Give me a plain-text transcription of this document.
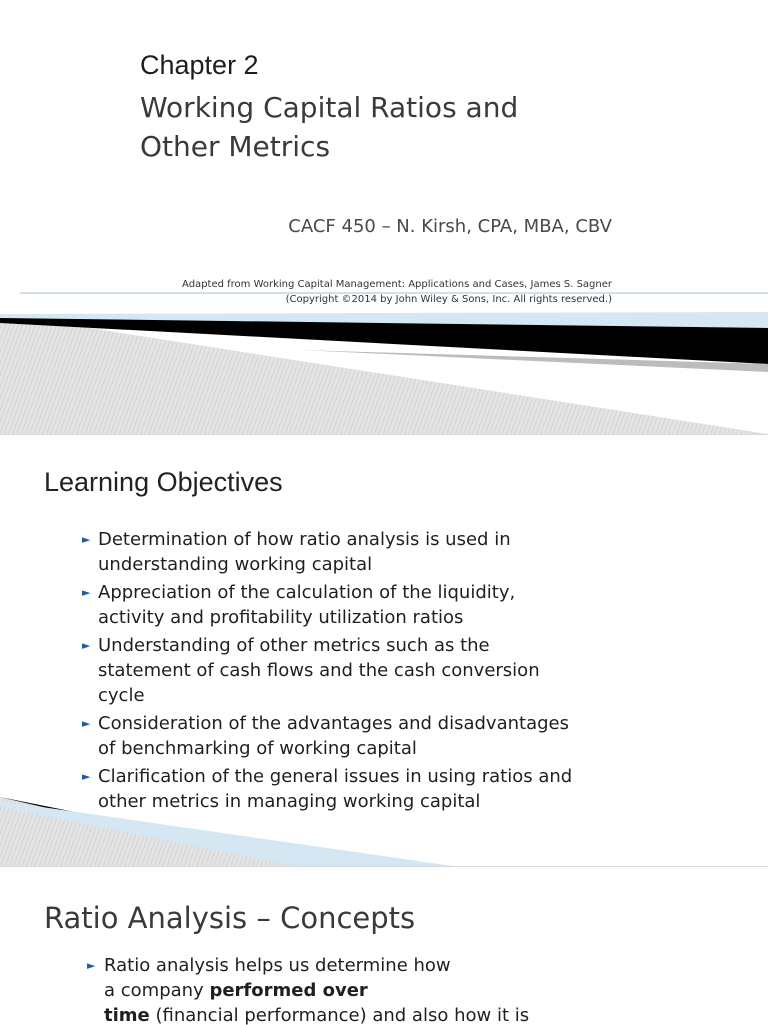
Chapter 2
Working Capital Ratios and
Other Metrics
CACF 450 – N. Kirsh, CPA, MBA, CBV
Adapted from Working Capital Management: Applications and Cases, James S. Sagner
(Copyright ©2014 by John Wiley & Sons, Inc. All rights reserved.)
Learning Objectives
► Determination of how ratio analysis is used in
understanding working capital
► Appreciation of the calculation of the liquidity,
activity and profitability utilization ratios
► Understanding of other metrics such as the
statement of cash flows and the cash conversion
cycle
► Consideration of the advantages and disadvantages
of benchmarking of working capital
► Clarification of the general issues in using ratios and
other metrics in managing working capital
Ratio Analysis – Concepts
► Ratio analysis helps us determine how
a company performed over
time (financial performance) and also how it is
